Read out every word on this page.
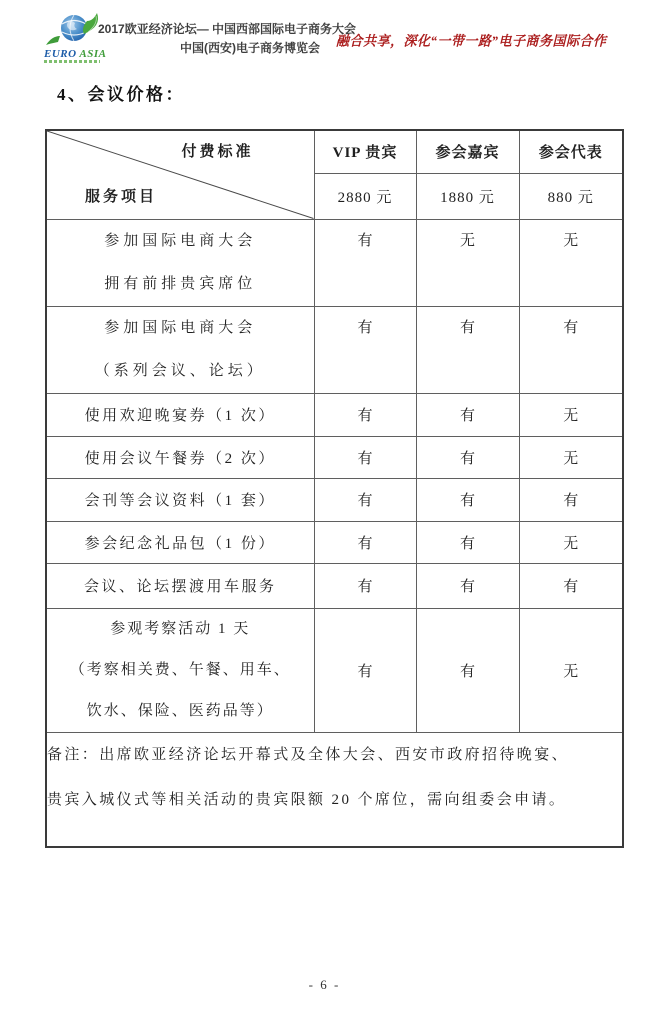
EURO ASIA
2017欧亚经济论坛— 中国西部国际电子商务大会
中国(西安)电子商务博览会 融合共享，深化“一带一路”电子商务国际合作
4、会议价格：
付费标准
服务项目	VIP 贵宾	参会嘉宾	参会代表
	2880 元	1880 元	880 元

参加国际电商大会
拥有前排贵宾席位	有	无	无

参加国际电商大会
（系列会议、论坛）	有	有	有
使用欢迎晚宴券（1 次）	有	有	无
使用会议午餐券（2 次）	有	有	无
会刊等会议资料（1 套）	有	有	有
参会纪念礼品包（1 份）	有	有	无
会议、论坛摆渡用车服务	有	有	有

参观考察活动 1 天
（考察相关费、午餐、用车、
饮水、保险、医药品等）	有	有	无

备注：出席欧亚经济论坛开幕式及全体大会、西安市政府招待晚宴、
贵宾入城仪式等相关活动的贵宾限额 20 个席位，需向组委会申请。			
- 6 -
